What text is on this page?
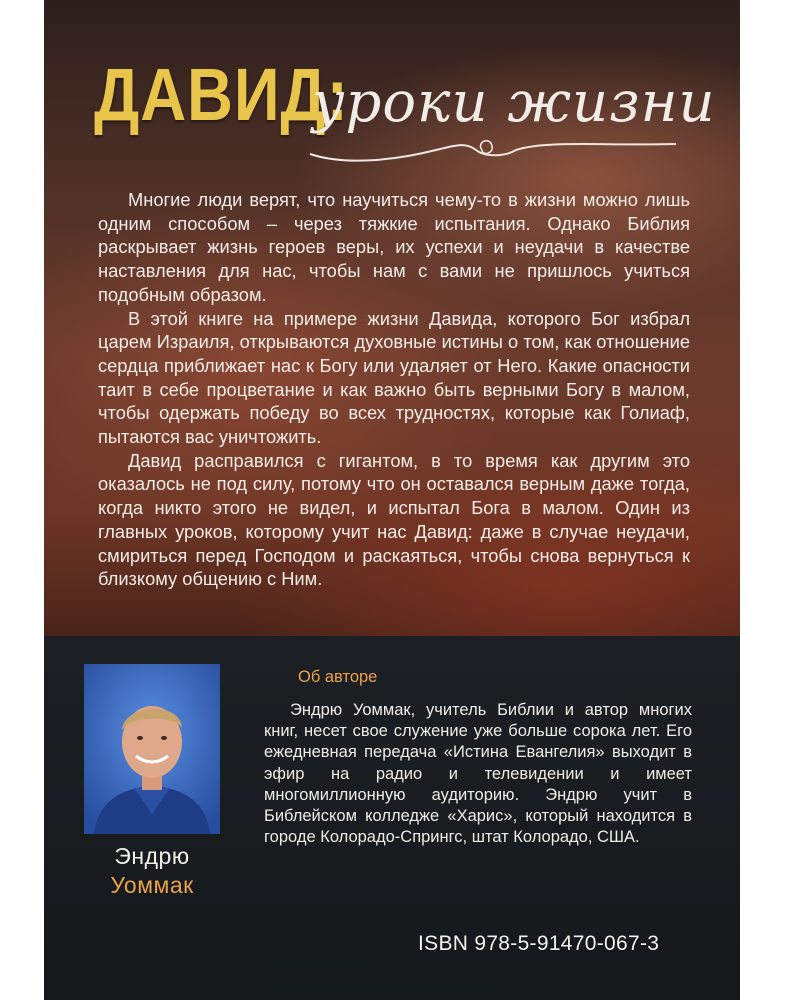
ДАВИД:
уроки жизни

Многие люди верят, что научиться чему-то в жизни можно лишь одним способом – через тяжкие испытания. Однако Библия раскрывает жизнь героев веры, их успехи и неудачи в качестве наставления для нас, чтобы нам с вами не пришлось учиться подобным образом.

В этой книге на примере жизни Давида, которого Бог избрал царем Израиля, открываются духовные истины о том, как отношение сердца приближает нас к Богу или удаляет от Него. Какие опасности таит в себе процветание и как важно быть верными Богу в малом, чтобы одержать победу во всех трудностях, которые как Голиаф, пытаются вас уничтожить.

Давид расправился с гигантом, в то время как другим это оказалось не под силу, потому что он оставался верным даже тогда, когда никто этого не видел, и испытал Бога в малом. Один из главных уроков, которому учит нас Давид: даже в случае неудачи, смириться перед Господом и раскаяться, чтобы снова вернуться к близкому общению с Ним.

Эндрю
Уоммак
Об авторе

Эндрю Уоммак, учитель Библии и автор многих книг, несет свое служение уже больше сорока лет. Его ежедневная передача «Истина Евангелия» выходит в эфир на радио и телевидении и имеет многомиллионную аудиторию. Эндрю учит в Библейском колледже «Харис», который находится в городе Колорадо-Спрингс, штат Колорадо, США.

ISBN 978-5-91470-067-3
